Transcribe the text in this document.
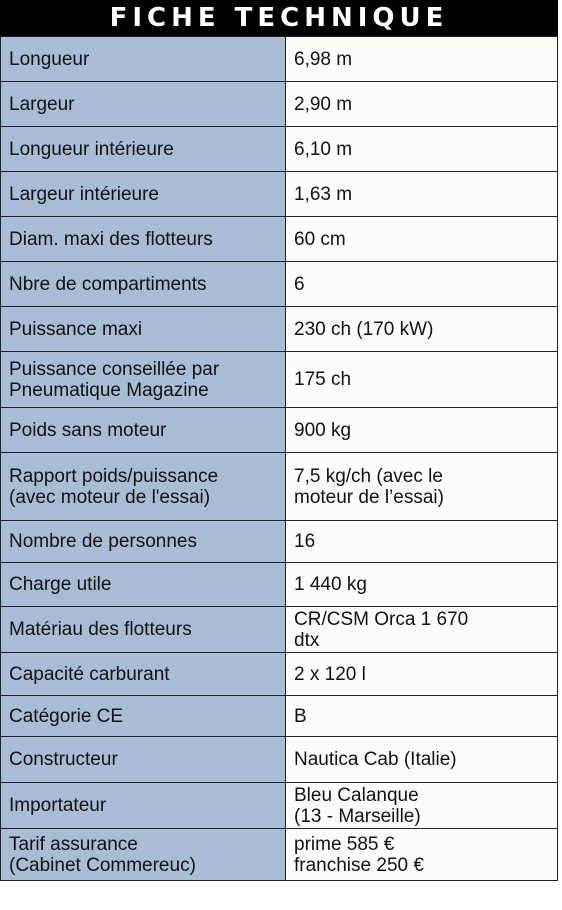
FICHE TECHNIQUE
Longueur	6,98 m
Largeur	2,90 m
Longueur intérieure	6,10 m
Largeur intérieure	1,63 m
Diam. maxi des flotteurs	60 cm
Nbre de compartiments	6
Puissance maxi	230 ch (170 kW)
Puissance conseillée par
Pneumatique Magazine	175 ch
Poids sans moteur	900 kg
Rapport poids/puissance
(avec moteur de l'essai)	7,5 kg/ch (avec le
moteur de l’essai)
Nombre de personnes	16
Charge utile	1 440 kg
Matériau des flotteurs	CR/CSM Orca 1 670
dtx
Capacité carburant	2 x 120 l
Catégorie CE	B
Constructeur	Nautica Cab (Italie)
Importateur	Bleu Calanque
(13 - Marseille)
Tarif assurance
(Cabinet Commereuc)	prime 585 €
franchise 250 €
